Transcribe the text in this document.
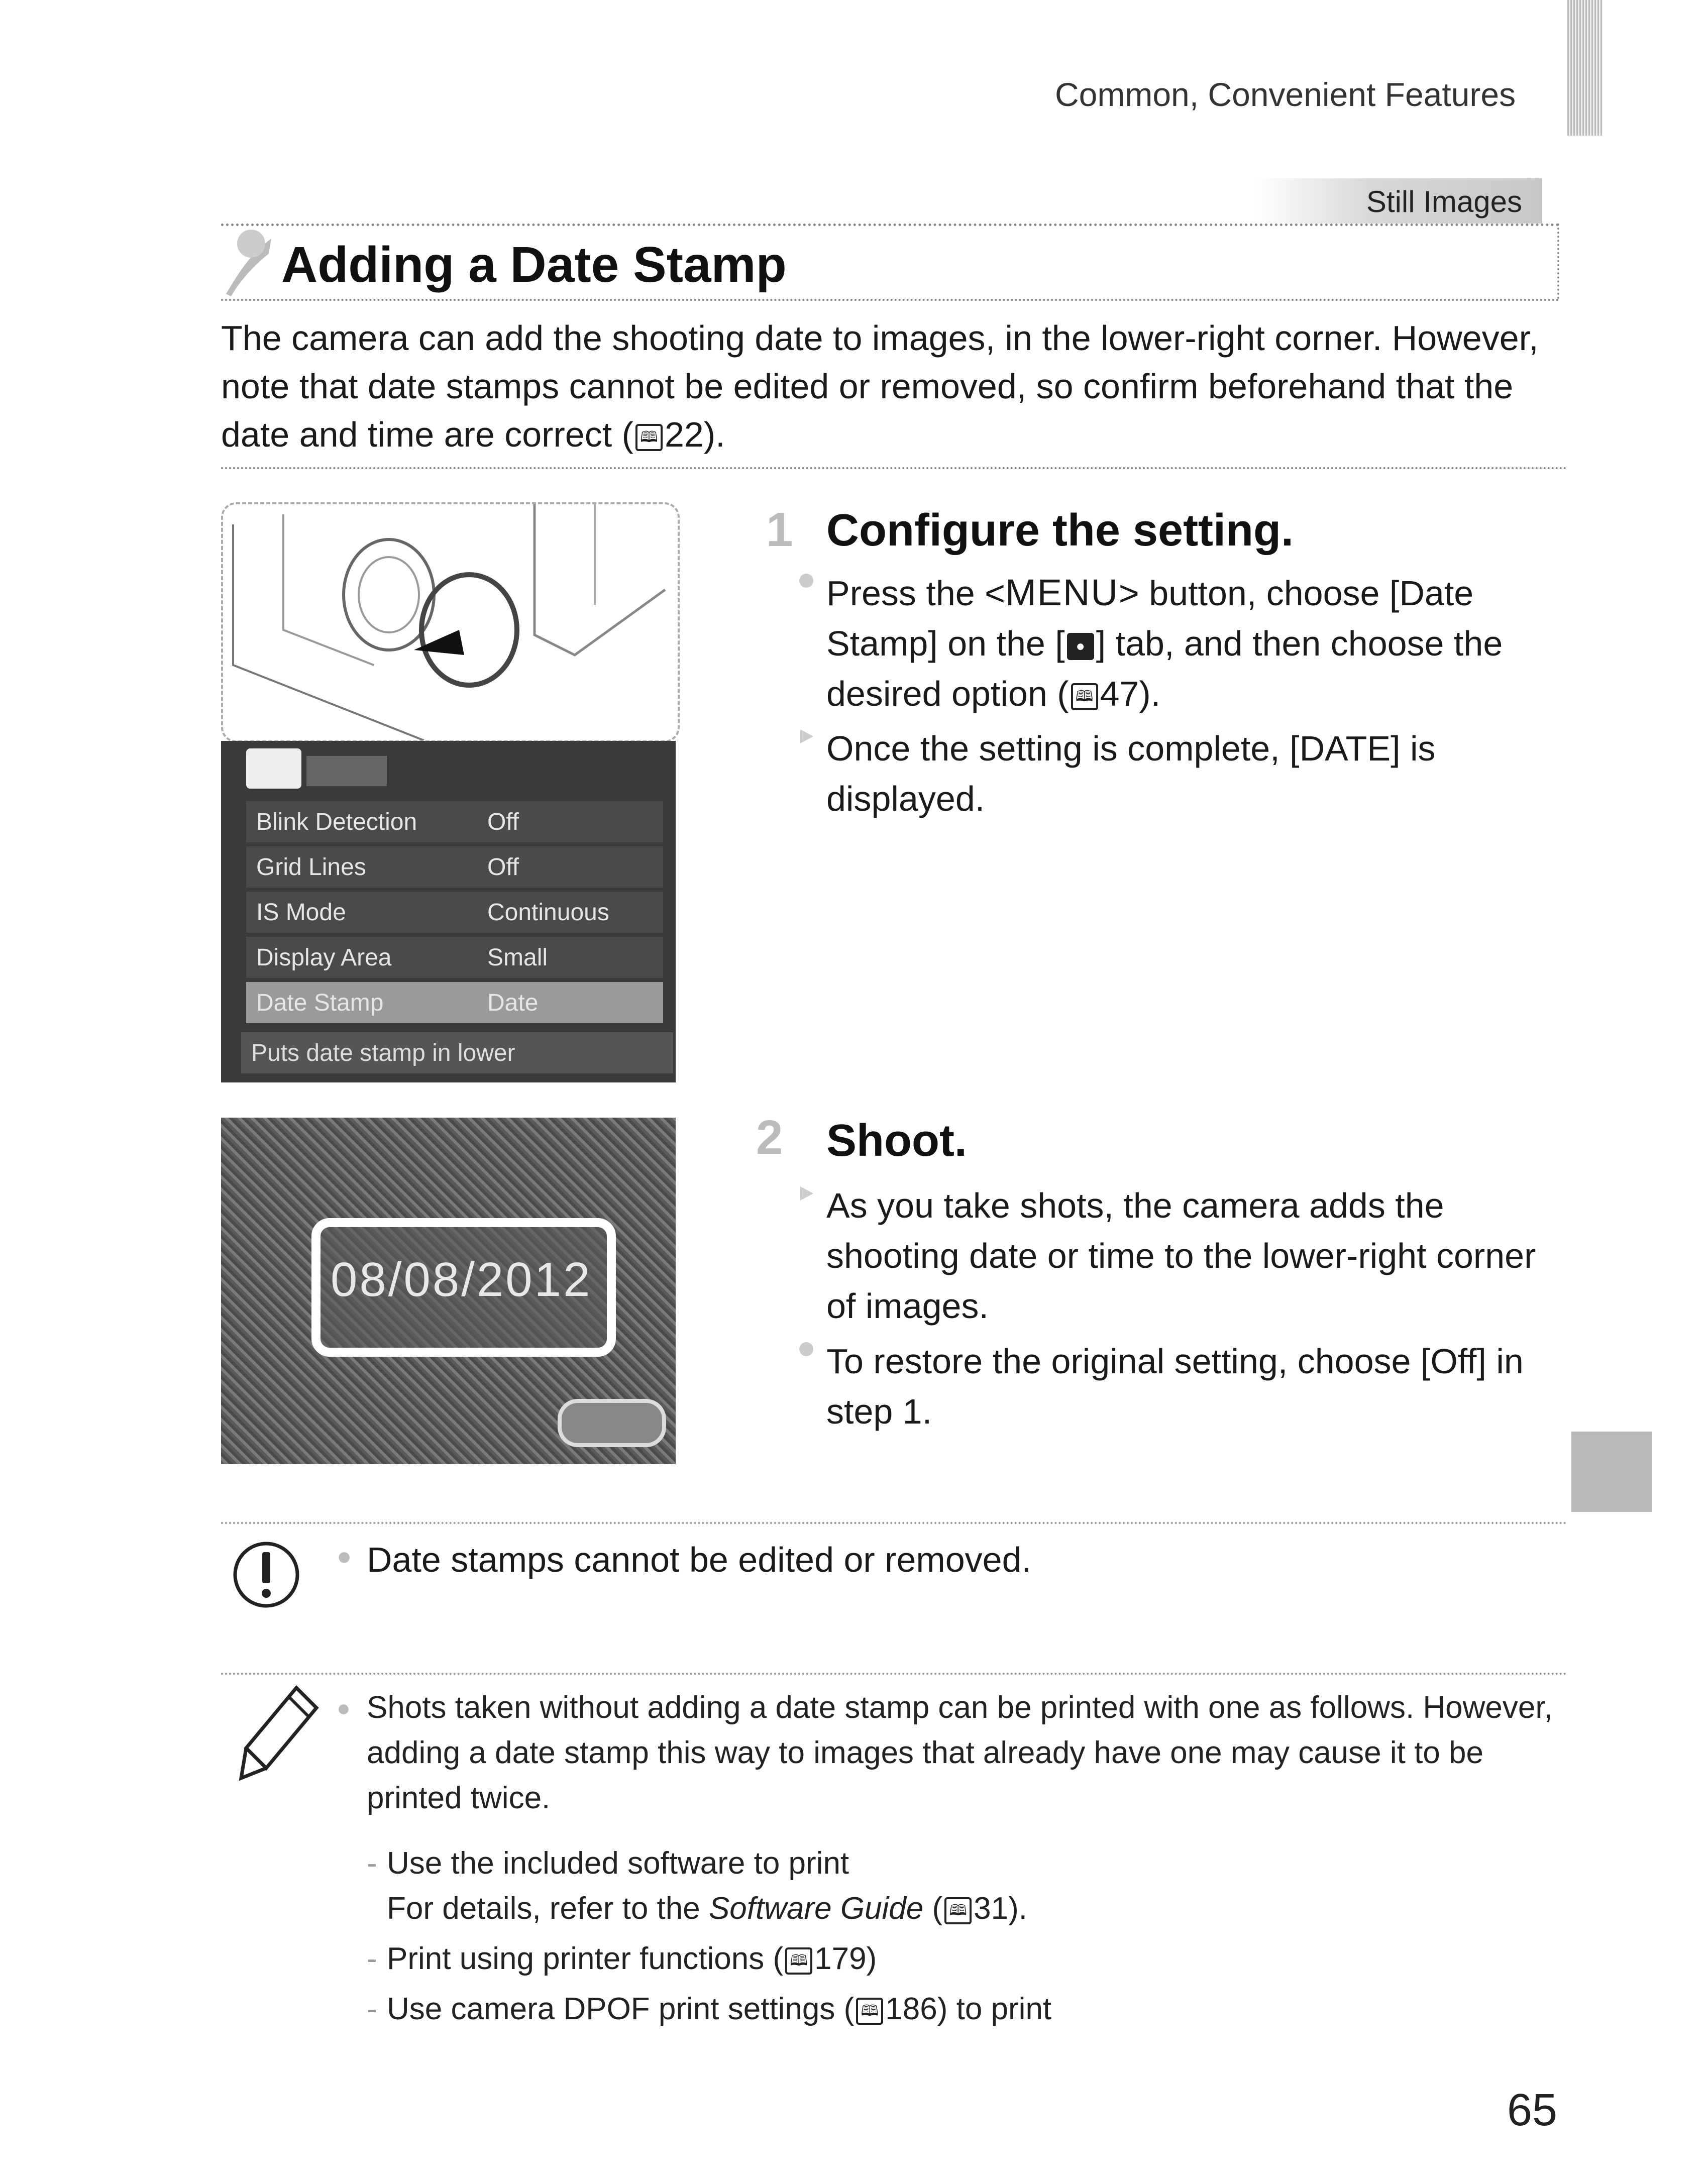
Common, Convenient Features
Still Images
Adding a Date Stamp
The camera can add the shooting date to images, in the lower-right corner. However, note that date stamps cannot be edited or removed, so confirm beforehand that the date and time are correct ( 🕮 22).
Blink Detection	Off
Grid Lines	Off
IS Mode	Continuous
Display Area	Small
Date Stamp	Date
Puts date stamp in lower
08/08/2012
1 Configure the setting.
Press the <MENU> button, choose [Date Stamp] on the [ ● ] tab, and then choose the desired option ( 🕮 47).
Once the setting is complete, [DATE] is displayed.
2 Shoot.
As you take shots, the camera adds the shooting date or time to the lower-right corner of images.
To restore the original setting, choose [Off] in step 1.
● Date stamps cannot be edited or removed.
● Shots taken without adding a date stamp can be printed with one as follows. However, adding a date stamp this way to images that already have one may cause it to be printed twice.
- Use the included software to print
For details, refer to the Software Guide ( 🕮 31).
- Print using printer functions ( 🕮 179)
- Use camera DPOF print settings ( 🕮 186) to print
65
